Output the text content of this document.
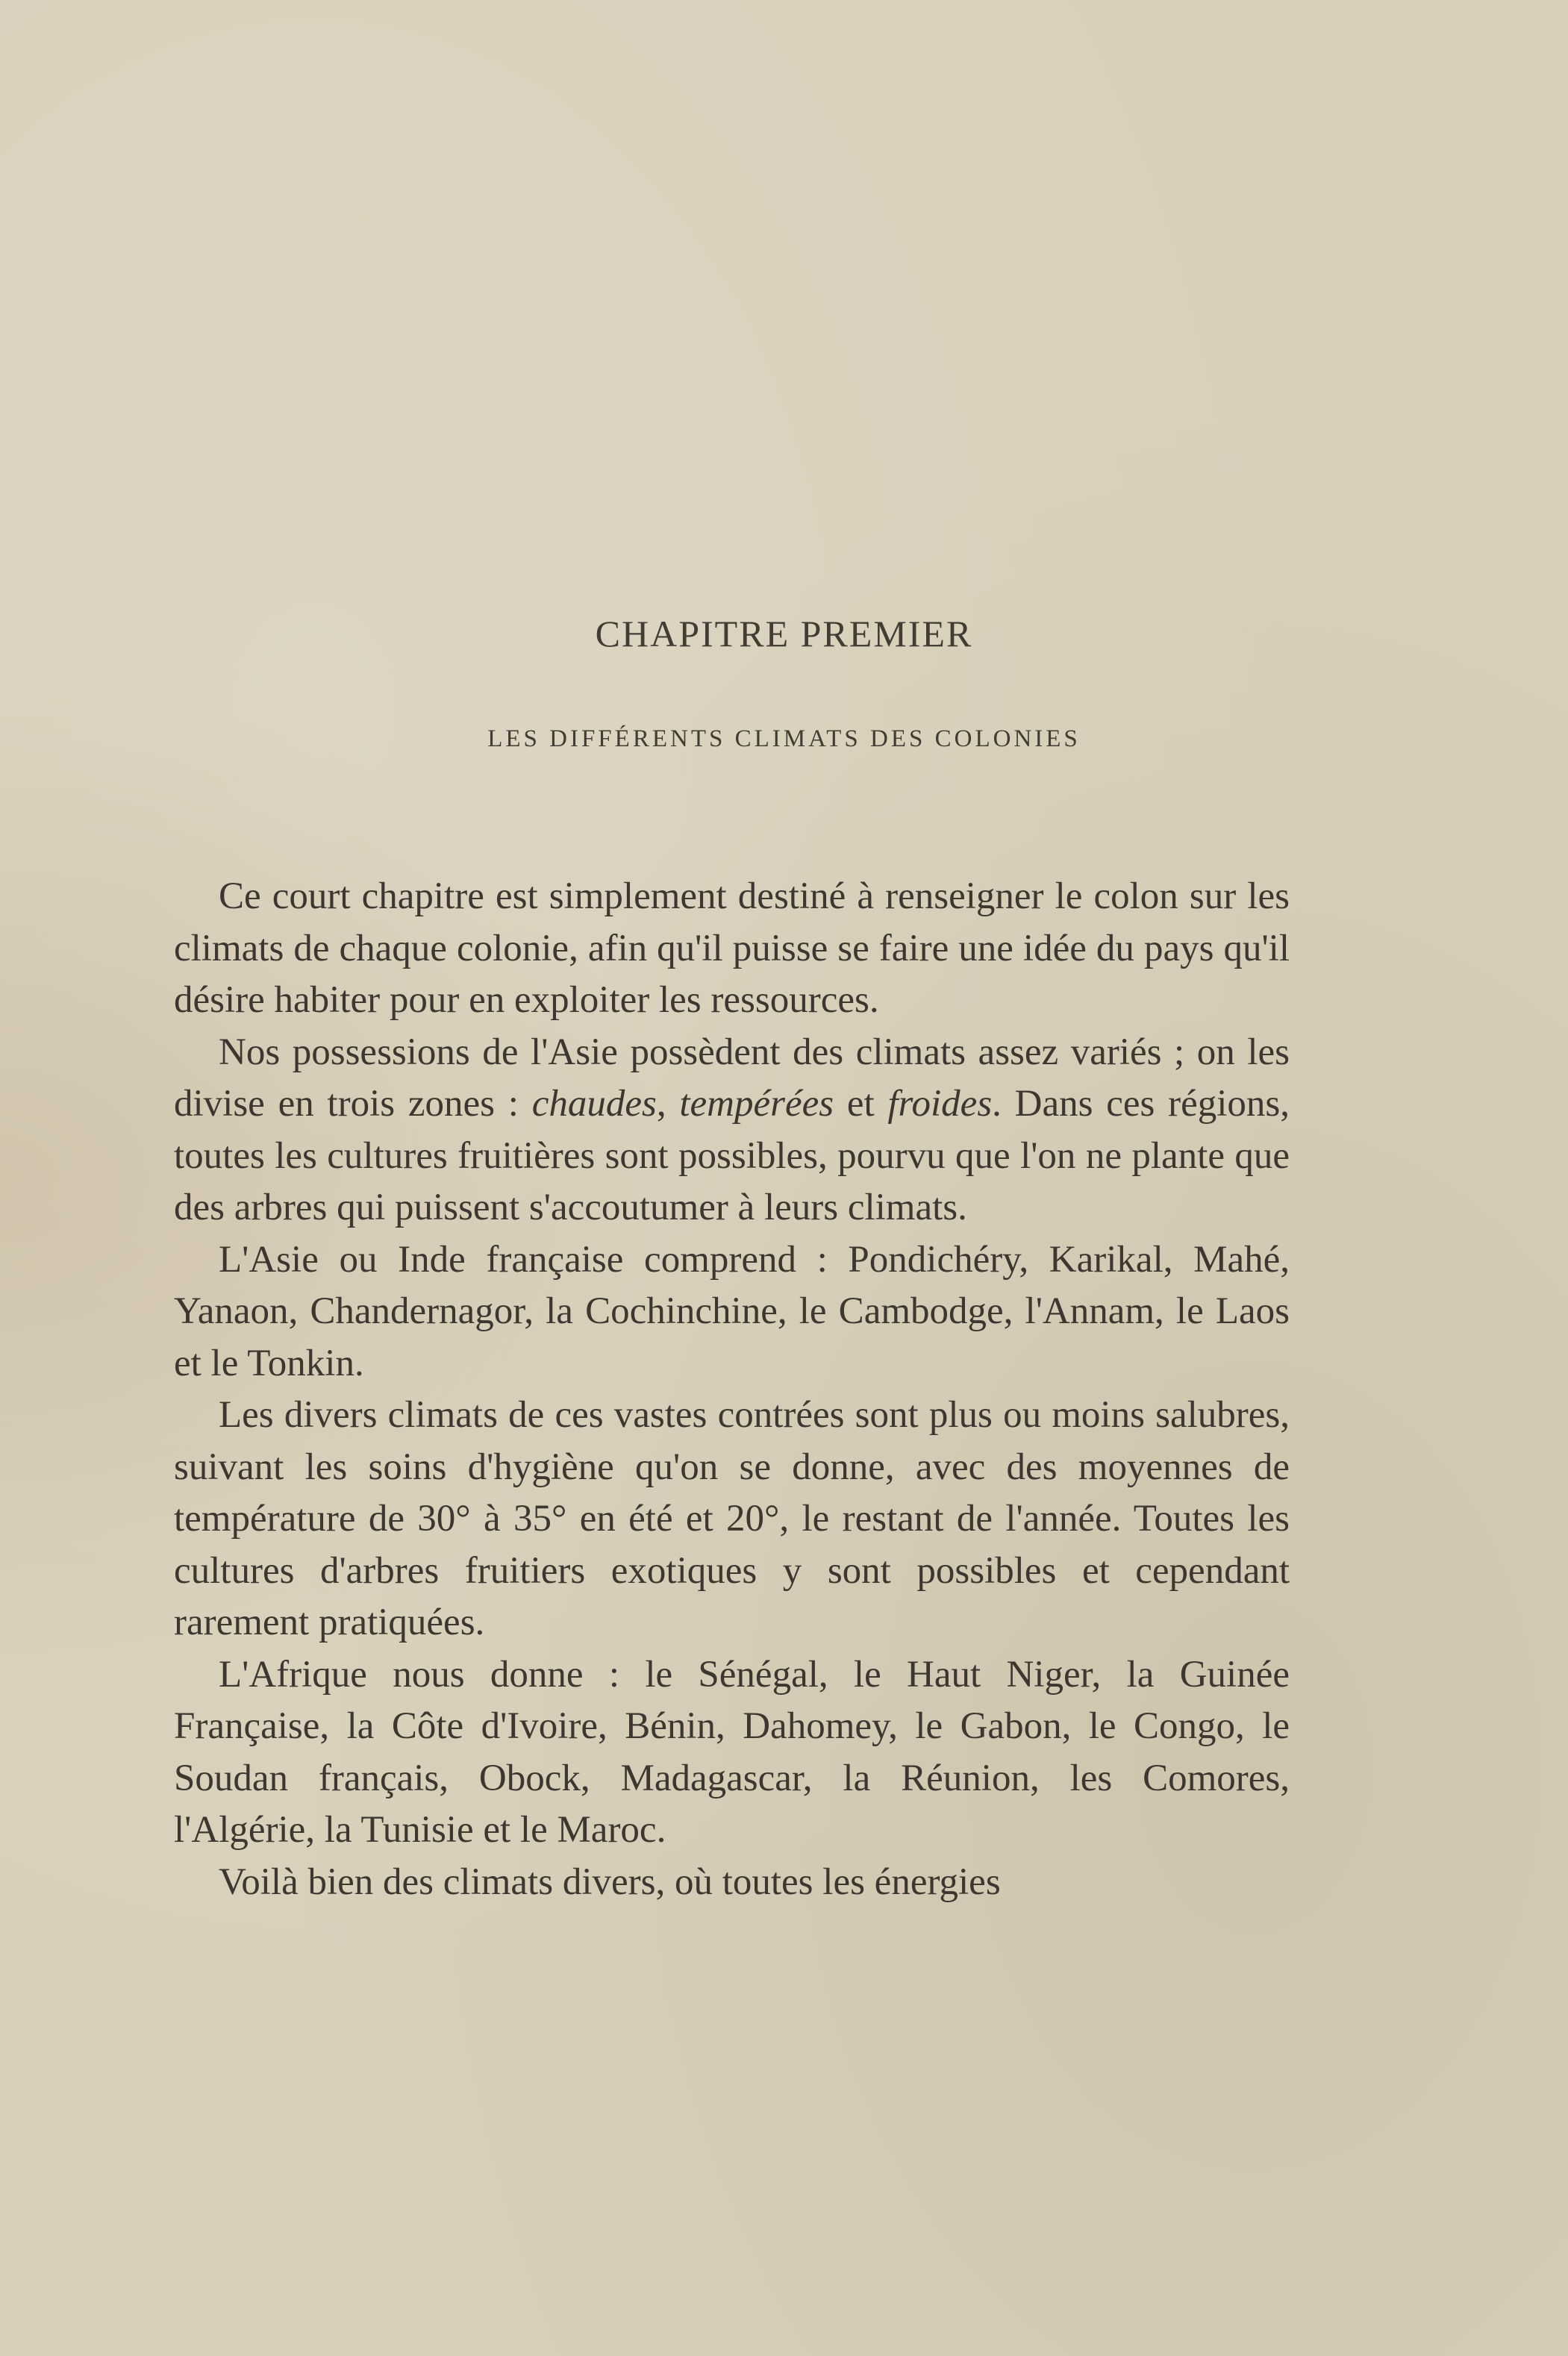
CHAPITRE PREMIER
LES DIFFÉRENTS CLIMATS DES COLONIES

Ce court chapitre est simplement destiné à renseigner le colon sur les climats de chaque colonie, afin qu'il puisse se faire une idée du pays qu'il désire habiter pour en exploiter les ressources.

Nos possessions de l'Asie possèdent des climats assez variés ; on les divise en trois zones : chaudes, tempérées et froides. Dans ces régions, toutes les cultures fruitières sont possibles, pourvu que l'on ne plante que des arbres qui puissent s'accoutumer à leurs climats.

L'Asie ou Inde française comprend : Pondichéry, Karikal, Mahé, Yanaon, Chandernagor, la Cochinchine, le Cambodge, l'Annam, le Laos et le Tonkin.

Les divers climats de ces vastes contrées sont plus ou moins salubres, suivant les soins d'hygiène qu'on se donne, avec des moyennes de température de 30° à 35° en été et 20°, le restant de l'année. Toutes les cultures d'arbres fruitiers exotiques y sont possibles et cependant rarement pratiquées.

L'Afrique nous donne : le Sénégal, le Haut Niger, la Guinée Française, la Côte d'Ivoire, Bénin, Dahomey, le Gabon, le Congo, le Soudan français, Obock, Madagascar, la Réunion, les Comores, l'Algérie, la Tunisie et le Maroc.

Voilà bien des climats divers, où toutes les énergies
